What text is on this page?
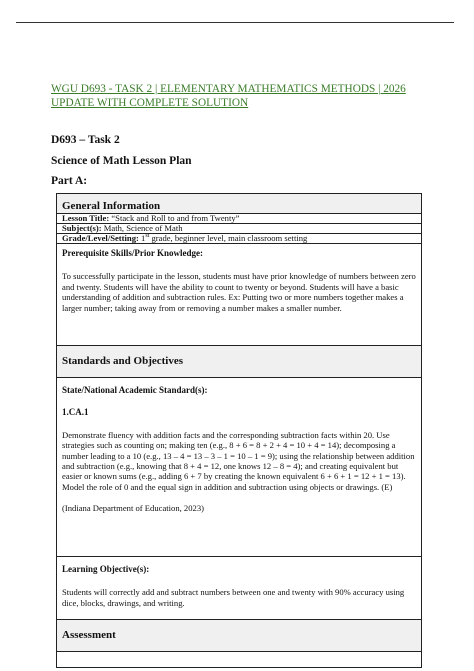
WGU D693 - TASK 2 | ELEMENTARY MATHEMATICS METHODS | 2026
UPDATE WITH COMPLETE SOLUTION
D693 – Task 2
Science of Math Lesson Plan
Part A:
General Information
Lesson Title: “Stack and Roll to and from Twenty”
Subject(s): Math, Science of Math
Grade/Level/Setting: 1st grade, beginner level, main classroom setting

Prerequisite Skills/Prior Knowledge:

To successfully participate in the lesson, students must have prior knowledge of numbers between zero and twenty. Students will have the ability to count to twenty or beyond. Students will have a basic understanding of addition and subtraction rules. Ex: Putting two or more numbers together makes a larger number; taking away from or removing a number makes a smaller number.

Standards and Objectives

State/National Academic Standard(s):

1.CA.1

Demonstrate fluency with addition facts and the corresponding subtraction facts within 20. Use strategies such as counting on; making ten (e.g., 8 + 6 = 8 + 2 + 4 = 10 + 4 = 14); decomposing a number leading to a 10 (e.g., 13 – 4 = 13 – 3 – 1 = 10 – 1 = 9); using the relationship between addition and subtraction (e.g., knowing that 8 + 4 = 12, one knows 12 – 8 = 4); and creating equivalent but easier or known sums (e.g., adding 6 + 7 by creating the known equivalent 6 + 6 + 1 = 12 + 1 = 13). Model the role of 0 and the equal sign in addition and subtraction using objects or drawings. (E)

(Indiana Department of Education, 2023)

Learning Objective(s):

Students will correctly add and subtract numbers between one and twenty with 90% accuracy using dice, blocks, drawings, and writing.

Assessment
